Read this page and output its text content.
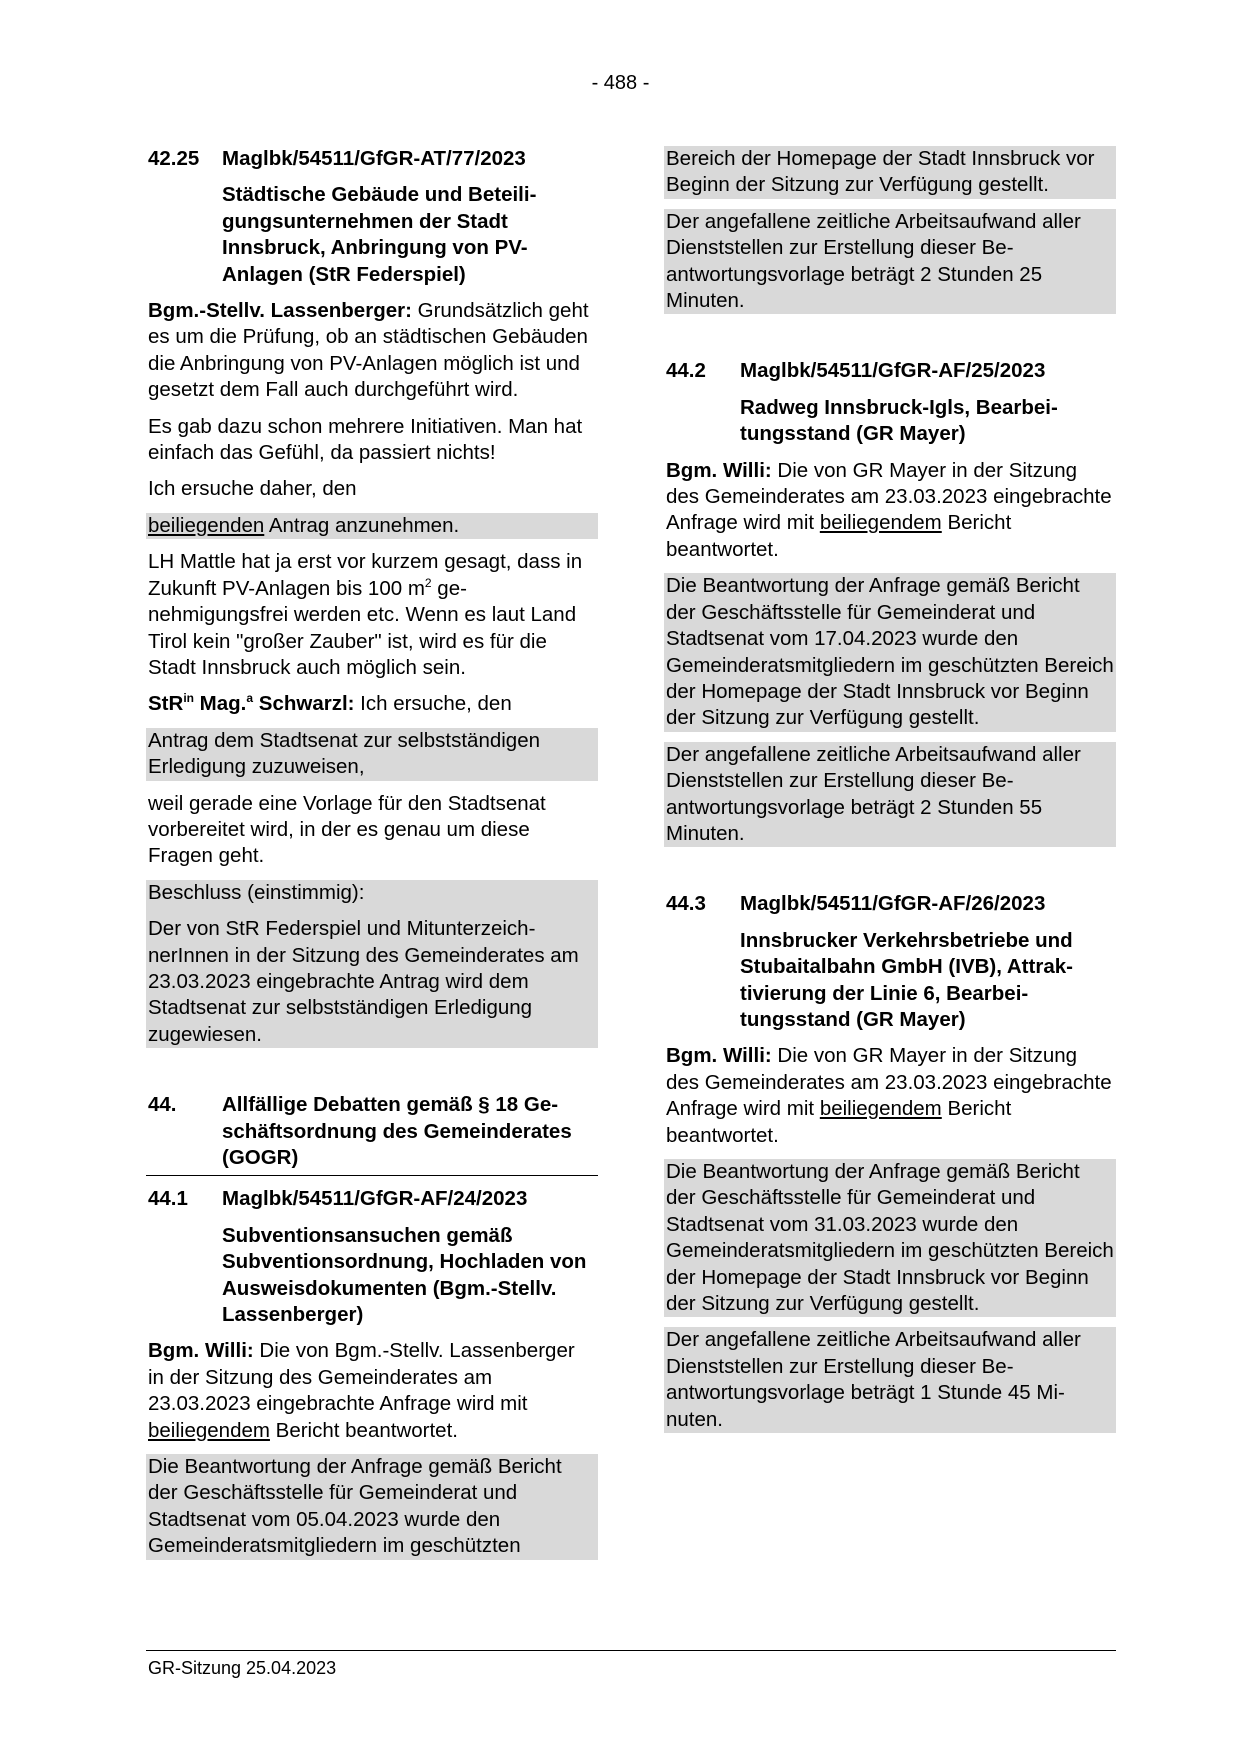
- 488 -
42.25	Maglbk/54511/GfGR-AT/77/2023
Städtische Gebäude und Beteiligungsunternehmen der Stadt Innsbruck, Anbringung von PV-Anlagen (StR Federspiel)

Bgm.-Stellv. Lassenberger: Grundsätzlich geht es um die Prüfung, ob an städtischen Gebäuden die Anbringung von PV-Anlagen möglich ist und gesetzt dem Fall auch durchgeführt wird.

Es gab dazu schon mehrere Initiativen. Man hat einfach das Gefühl, da passiert nichts!

Ich ersuche daher, den

beiliegenden Antrag anzunehmen.

LH Mattle hat ja erst vor kurzem gesagt, dass in Zukunft PV-Anlagen bis 100 $m^2$ genehmigungsfrei werden etc. Wenn es laut Land Tirol kein "großer Zauber" ist, wird es für die Stadt Innsbruck auch möglich sein.

StR$^{in}$ Mag.$^a$ Schwarzl: Ich ersuche, den

Antrag dem Stadtsenat zur selbstständigen Erledigung zuzuweisen,

weil gerade eine Vorlage für den Stadtsenat vorbereitet wird, in der es genau um diese Fragen geht.

Beschluss (einstimmig):

Der von StR Federspiel und MitunterzeichnerInnen in der Sitzung des Gemeinderates am 23.03.2023 eingebrachte Antrag wird dem Stadtsenat zur selbstständigen Erledigung zugewiesen.

44.	Allfällige Debatten gemäß § 18 Geschäftsordnung des Gemeinderates (GOGR)
44.1	Maglbk/54511/GfGR-AF/24/2023
Subventionsansuchen gemäß Subventionsordnung, Hochladen von Ausweisdokumenten (Bgm.-Stellv. Lassenberger)

Bgm. Willi: Die von Bgm.-Stellv. Lassenberger in der Sitzung des Gemeinderates am 23.03.2023 eingebrachte Anfrage wird mit beiliegendem Bericht beantwortet.

Die Beantwortung der Anfrage gemäß Bericht der Geschäftsstelle für Gemeinderat und Stadtsenat vom 05.04.2023 wurde den Gemeinderatsmitgliedern im geschützten

Bereich der Homepage der Stadt Innsbruck vor Beginn der Sitzung zur Verfügung gestellt.

Der angefallene zeitliche Arbeitsaufwand aller Dienststellen zur Erstellung dieser Beantwortungsvorlage beträgt 2 Stunden 25 Minuten.

44.2	Maglbk/54511/GfGR-AF/25/2023
Radweg Innsbruck-Igls, Bearbeitungsstand (GR Mayer)

Bgm. Willi: Die von GR Mayer in der Sitzung des Gemeinderates am 23.03.2023 eingebrachte Anfrage wird mit beiliegendem Bericht beantwortet.

Die Beantwortung der Anfrage gemäß Bericht der Geschäftsstelle für Gemeinderat und Stadtsenat vom 17.04.2023 wurde den Gemeinderatsmitgliedern im geschützten Bereich der Homepage der Stadt Innsbruck vor Beginn der Sitzung zur Verfügung gestellt.

Der angefallene zeitliche Arbeitsaufwand aller Dienststellen zur Erstellung dieser Beantwortungsvorlage beträgt 2 Stunden 55 Minuten.

44.3	Maglbk/54511/GfGR-AF/26/2023
Innsbrucker Verkehrsbetriebe und Stubaitalbahn GmbH (IVB), Attraktivierung der Linie 6, Bearbeitungsstand (GR Mayer)

Bgm. Willi: Die von GR Mayer in der Sitzung des Gemeinderates am 23.03.2023 eingebrachte Anfrage wird mit beiliegendem Bericht beantwortet.

Die Beantwortung der Anfrage gemäß Bericht der Geschäftsstelle für Gemeinderat und Stadtsenat vom 31.03.2023 wurde den Gemeinderatsmitgliedern im geschützten Bereich der Homepage der Stadt Innsbruck vor Beginn der Sitzung zur Verfügung gestellt.

Der angefallene zeitliche Arbeitsaufwand aller Dienststellen zur Erstellung dieser Beantwortungsvorlage beträgt 1 Stunde 45 Minuten.

GR-Sitzung 25.04.2023
